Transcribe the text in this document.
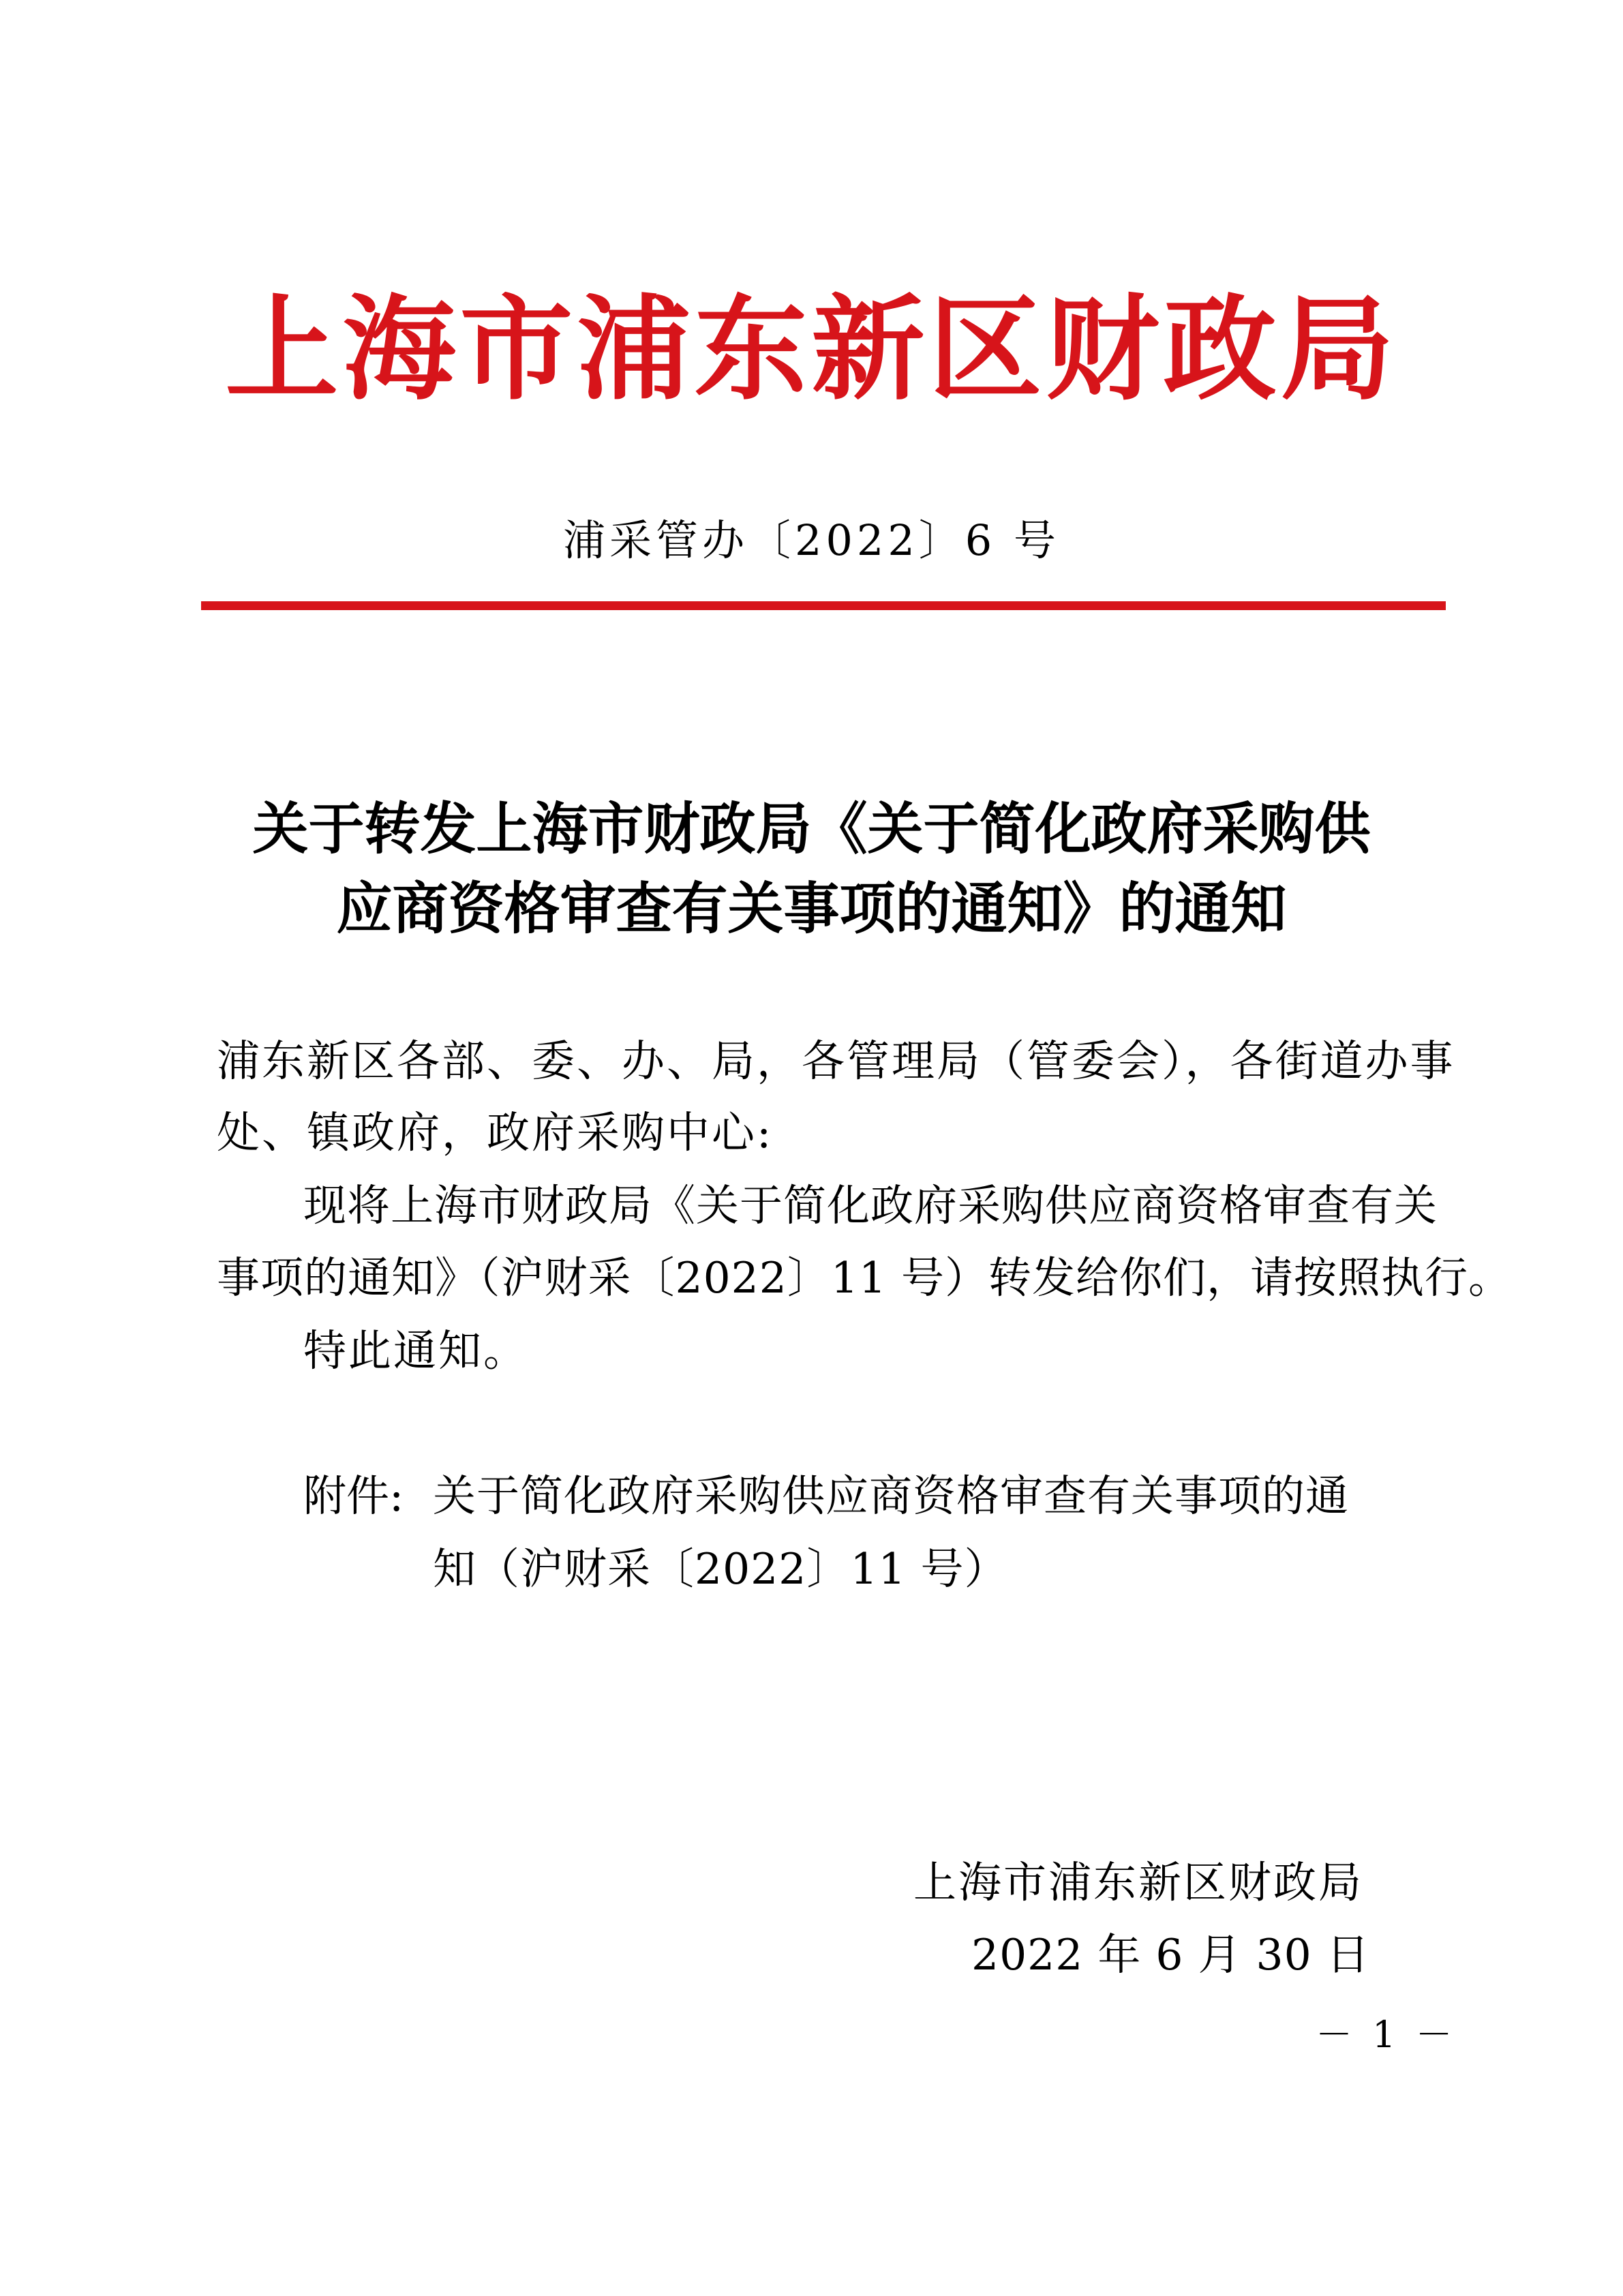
上海市浦东新区财政局
浦采管办〔2022〕6 号
关于转发上海市财政局《关于简化政府采购供
应商资格审查有关事项的通知》的通知
浦东新区各部、委、办、局，各管理局（管委会），各街道办事
处、镇政府，政府采购中心:
现将上海市财政局《关于简化政府采购供应商资格审查有关
事项的通知》（沪财采〔2022〕11 号）转发给你们，请按照执行。
特此通知。
附件: 关于简化政府采购供应商资格审查有关事项的通
知（沪财采〔2022〕11 号）
上海市浦东新区财政局
2022 年 6 月 30 日
－ 1 －
